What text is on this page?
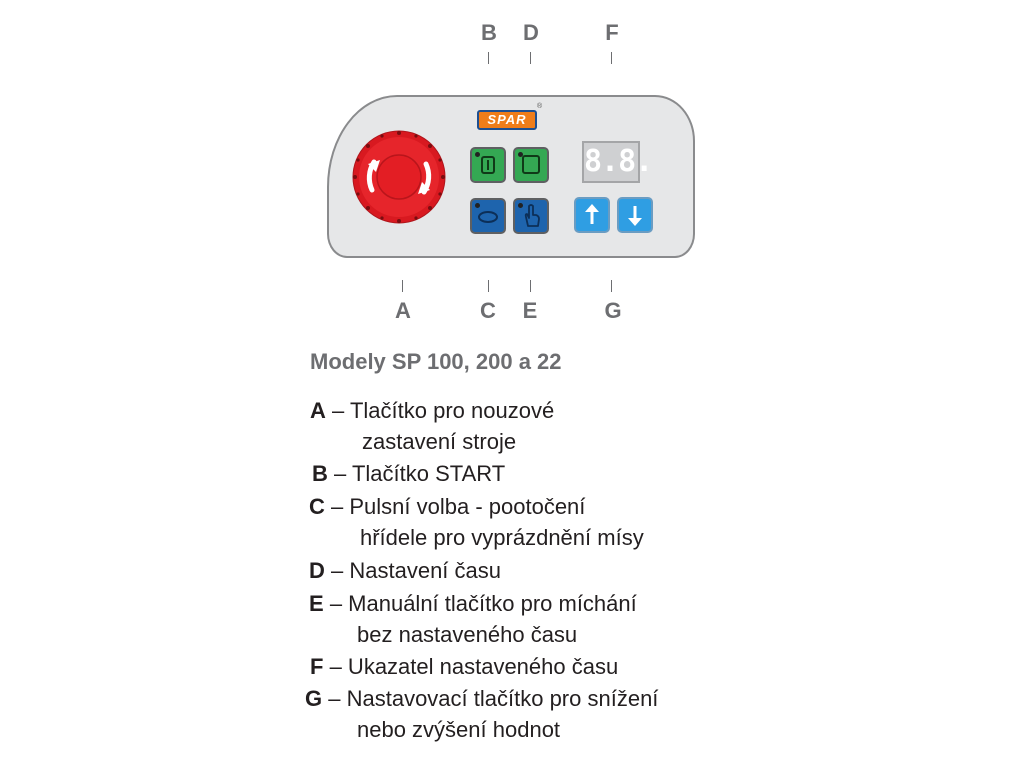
B	D	F
SPAR
®
8.8.
A	C	E	G
Modely SP 100, 200 a 22
A – Tlačítko pro nouzové
zastavení stroje
B – Tlačítko START
C – Pulsní volba - pootočení
hřídele pro vyprázdnění mísy
D – Nastavení času
E – Manuální tlačítko pro míchání
bez nastaveného času
F – Ukazatel nastaveného času
G – Nastavovací tlačítko pro snížení
nebo zvýšení hodnot
